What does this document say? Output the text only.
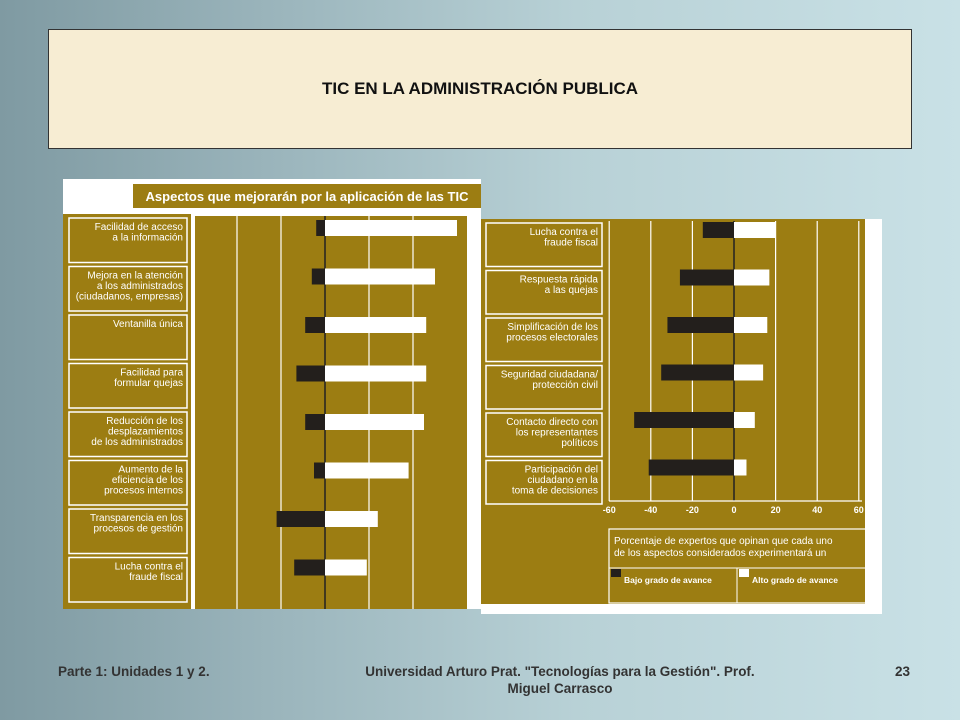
TIC EN LA ADMINISTRACIÓN PUBLICA
Aspectos que mejorarán por la aplicación de las TIC
Facilidad de acceso
a la información
Mejora en la atención
a los administrados
(ciudadanos, empresas)
Ventanilla única
Facilidad para
formular quejas
Reducción de los
desplazamientos
de los administrados
Aumento de la
eficiencia de los
procesos internos
Transparencia en los
procesos de gestión
Lucha contra el
fraude fiscal
Lucha contra el
fraude fiscal
Respuesta rápida
a las quejas
Simplificación de los
procesos electorales
Seguridad ciudadana/
protección civil
Contacto directo con
los representantes
políticos
Participación del
ciudadano en la
toma de decisiones
-60	-40	-20	0	20	40	60
Porcentaje de expertos que opinan que cada uno
de los aspectos considerados experimentará un
Bajo grado de avance	Alto grado de avance
Parte 1: Unidades 1 y 2.	Universidad Arturo Prat. "Tecnologías para la Gestión". Prof. Miguel Carrasco
23
